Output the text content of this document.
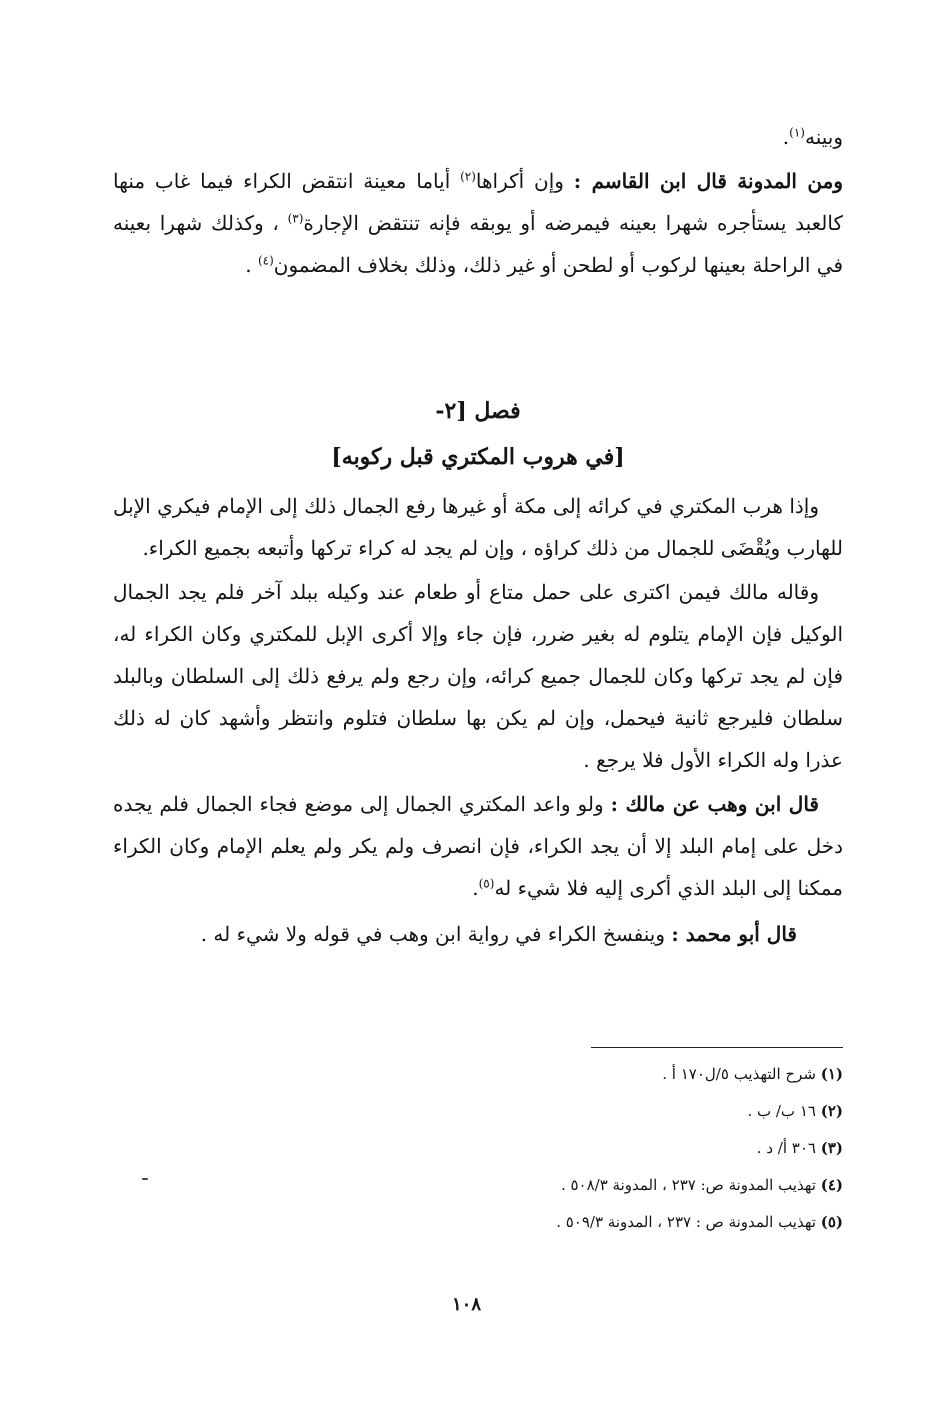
وبينه$^{(١)}$.

ومن المدونة قال ابن القاسم : وإن أكراها$^{(٢)}$ أياما معينة انتقض الكراء فيما غاب منها كالعبد يستأجره شهرا بعينه فيمرضه أو يوبقه فإنه تنتقض الإجارة$^{(٣)}$ ، وكذلك شهرا بعينه في الراحلة بعينها لركوب أو لطحن أو غير ذلك، وذلك بخلاف المضمون$^{(٤)}$ .

فصل [٢-
[في هروب المكتري قبل ركوبه]

وإذا هرب المكتري في كرائه إلى مكة أو غيرها رفع الجمال ذلك إلى الإمام فيكري الإبل للهارب ويُقْضَى للجمال من ذلك كراؤه ، وإن لم يجد له كراء تركها وأتبعه بجميع الكراء.

وقاله مالك فيمن اكترى على حمل متاع أو طعام عند وكيله ببلد آخر فلم يجد الجمال الوكيل فإن الإمام يتلوم له بغير ضرر، فإن جاء وإلا أكرى الإبل للمكتري وكان الكراء له، فإن لم يجد تركها وكان للجمال جميع كرائه، وإن رجع ولم يرفع ذلك إلى السلطان وبالبلد سلطان فليرجع ثانية فيحمل، وإن لم يكن بها سلطان فتلوم وانتظر وأشهد كان له ذلك عذرا وله الكراء الأول فلا يرجع .

قال ابن وهب عن مالك : ولو واعد المكتري الجمال إلى موضع فجاء الجمال فلم يجده دخل على إمام البلد إلا أن يجد الكراء، فإن انصرف ولم يكر ولم يعلم الإمام وكان الكراء ممكنا إلى البلد الذي أكرى إليه فلا شيء له$^{(٥)}$.

قال أبو محمد : وينفسخ الكراء في رواية ابن وهب في قوله ولا شيء له .

(١) شرح التهذيب ٥/ل١٧٠ أ .

(٢) ١٦ ب/ ب .

(٣) ٣٠٦ أ/ د .

(٤) تهذيب المدونة ص: ٢٣٧ ، المدونة ٥٠٨/٣ .

(٥) تهذيب المدونة ص : ٢٣٧ ، المدونة ٥٠٩/٣ .

١٠٨
